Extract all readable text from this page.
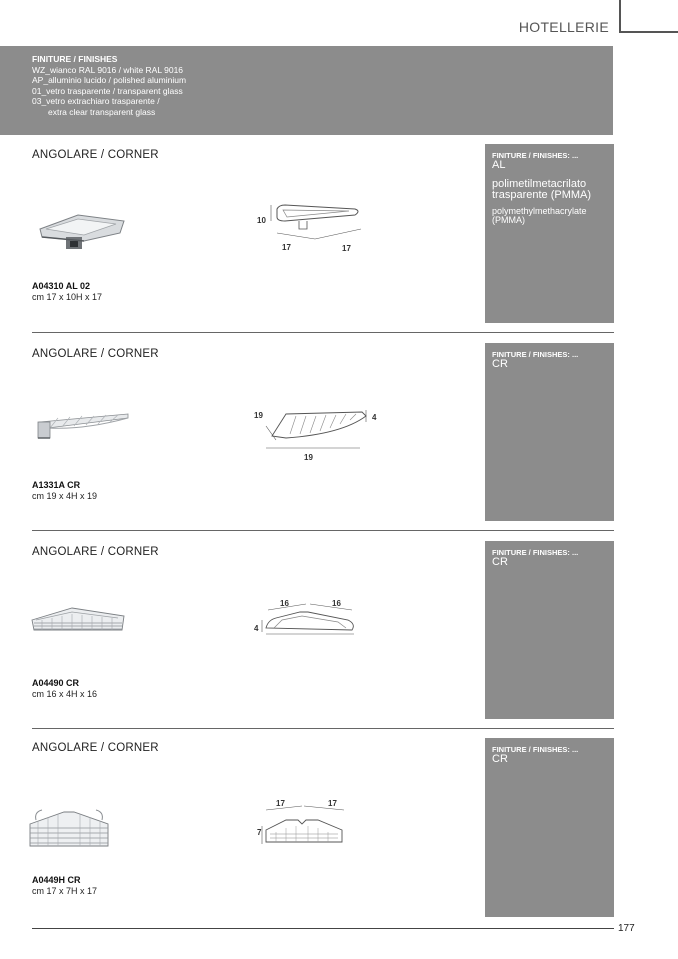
HOTELLERIE
FINITURE / FINISHES
WZ_wianco RAL 9016 / white RAL 9016
AP_alluminio lucido / polished aluminium
01_vetro trasparente / transparent glass
03_vetro extrachiaro trasparente /
extra clear transparent glass
ANGOLARE / CORNER	FINITURE / FINISHES: ...
AL
polimetilmetacrilato trasparente (PMMA)
polymethylmethacrylate (PMMA)
10
17	17
A04310 AL 02
cm 17 x 10H x 17
ANGOLARE / CORNER	FINITURE / FINISHES: ...
CR
19	4
19
A1331A CR
cm 19 x 4H x 19
ANGOLARE / CORNER	FINITURE / FINISHES: ...
CR
16	16
4
A04490 CR
cm 16 x 4H x 16
ANGOLARE / CORNER	FINITURE / FINISHES: ...
CR
17	17
7
A0449H CR
cm 17 x 7H x 17
177
